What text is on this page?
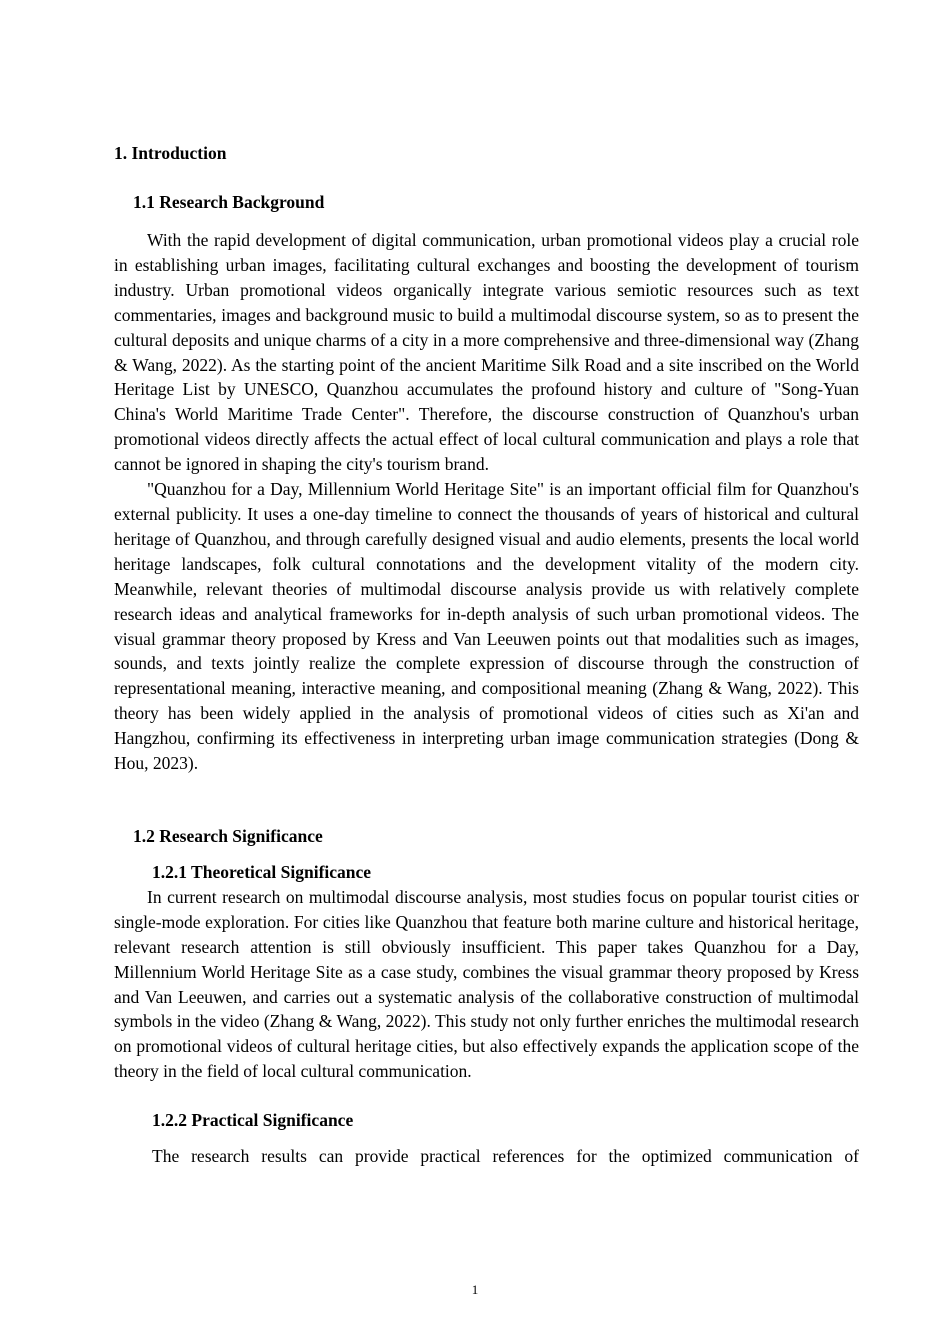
1. Introduction

1.1 Research Background

With the rapid development of digital communication, urban promotional videos play a crucial role in establishing urban images, facilitating cultural exchanges and boosting the development of tourism industry. Urban promotional videos organically integrate various semiotic resources such as text commentaries, images and background music to build a multimodal discourse system, so as to present the cultural deposits and unique charms of a city in a more comprehensive and three-dimensional way (Zhang & Wang, 2022). As the starting point of the ancient Maritime Silk Road and a site inscribed on the World Heritage List by UNESCO, Quanzhou accumulates the profound history and culture of "Song-Yuan China's World Maritime Trade Center". Therefore, the discourse construction of Quanzhou's urban promotional videos directly affects the actual effect of local cultural communication and plays a role that cannot be ignored in shaping the city's tourism brand.

"Quanzhou for a Day, Millennium World Heritage Site" is an important official film for Quanzhou's external publicity. It uses a one-day timeline to connect the thousands of years of historical and cultural heritage of Quanzhou, and through carefully designed visual and audio elements, presents the local world heritage landscapes, folk cultural connotations and the development vitality of the modern city. Meanwhile, relevant theories of multimodal discourse analysis provide us with relatively complete research ideas and analytical frameworks for in-depth analysis of such urban promotional videos. The visual grammar theory proposed by Kress and Van Leeuwen points out that modalities such as images, sounds, and texts jointly realize the complete expression of discourse through the construction of representational meaning, interactive meaning, and compositional meaning (Zhang & Wang, 2022). This theory has been widely applied in the analysis of promotional videos of cities such as Xi'an and Hangzhou, confirming its effectiveness in interpreting urban image communication strategies (Dong & Hou, 2023).

1.2 Research Significance

1.2.1 Theoretical Significance

In current research on multimodal discourse analysis, most studies focus on popular tourist cities or single-mode exploration. For cities like Quanzhou that feature both marine culture and historical heritage, relevant research attention is still obviously insufficient. This paper takes Quanzhou for a Day, Millennium World Heritage Site as a case study, combines the visual grammar theory proposed by Kress and Van Leeuwen, and carries out a systematic analysis of the collaborative construction of multimodal symbols in the video (Zhang & Wang, 2022). This study not only further enriches the multimodal research on promotional videos of cultural heritage cities, but also effectively expands the application scope of the theory in the field of local cultural communication.

1.2.2 Practical Significance

The research results can provide practical references for the optimized communication of

1
